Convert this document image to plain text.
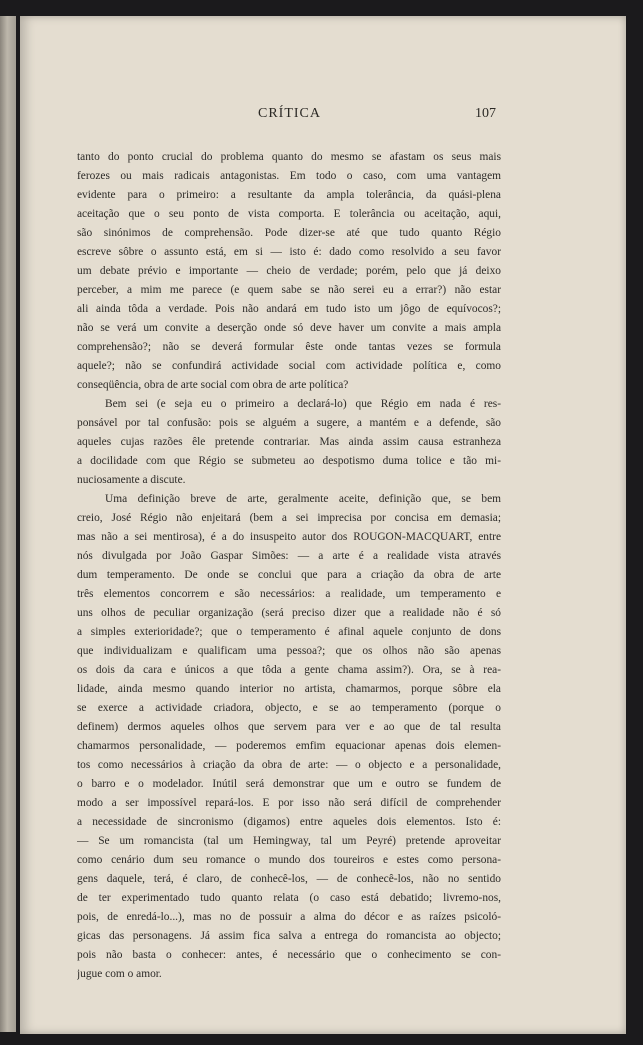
CRÍTICA	107
tanto do ponto crucial do problema quanto do mesmo se afastam os seus mais
ferozes ou mais radicais antagonistas. Em todo o caso, com uma vantagem
evidente para o primeiro: a resultante da ampla tolerância, da quási-plena
aceitação que o seu ponto de vista comporta. E tolerância ou aceitação, aqui,
são sinónimos de comprehensão. Pode dizer-se até que tudo quanto Régio
escreve sôbre o assunto está, em si — isto é: dado como resolvido a seu favor
um debate prévio e importante — cheio de verdade; porém, pelo que já deixo
perceber, a mim me parece (e quem sabe se não serei eu a errar?) não estar
ali ainda tôda a verdade. Pois não andará em tudo isto um jôgo de equívocos?;
não se verá um convite a deserção onde só deve haver um convite a mais ampla
comprehensão?; não se deverá formular êste onde tantas vezes se formula
aquele?; não se confundirá actividade social com actividade política e, como
conseqüência, obra de arte social com obra de arte política?
Bem sei (e seja eu o primeiro a declará-lo) que Régio em nada é res-
ponsável por tal confusão: pois se alguém a sugere, a mantém e a defende, são
aqueles cujas razões êle pretende contrariar. Mas ainda assim causa estranheza
a docilidade com que Régio se submeteu ao despotismo duma tolice e tão mi-
nuciosamente a discute.
Uma definição breve de arte, geralmente aceite, definição que, se bem
creio, José Régio não enjeitará (bem a sei imprecisa por concisa em demasia;
mas não a sei mentirosa), é a do insuspeito autor dos ROUGON-MACQUART, entre
nós divulgada por João Gaspar Simões: — a arte é a realidade vista através
dum temperamento. De onde se conclui que para a criação da obra de arte
três elementos concorrem e são necessários: a realidade, um temperamento e
uns olhos de peculiar organização (será preciso dizer que a realidade não é só
a simples exterioridade?; que o temperamento é afinal aquele conjunto de dons
que individualizam e qualificam uma pessoa?; que os olhos não são apenas
os dois da cara e únicos a que tôda a gente chama assim?). Ora, se à rea-
lidade, ainda mesmo quando interior no artista, chamarmos, porque sôbre ela
se exerce a actividade criadora, objecto, e se ao temperamento (porque o
definem) dermos aqueles olhos que servem para ver e ao que de tal resulta
chamarmos personalidade, — poderemos emfim equacionar apenas dois elemen-
tos como necessários à criação da obra de arte: — o objecto e a personalidade,
o barro e o modelador. Inútil será demonstrar que um e outro se fundem de
modo a ser impossível repará-los. E por isso não será difícil de comprehender
a necessidade de sincronismo (digamos) entre aqueles dois elementos. Isto é:
— Se um romancista (tal um Hemingway, tal um Peyré) pretende aproveitar
como cenário dum seu romance o mundo dos toureiros e estes como persona-
gens daquele, terá, é claro, de conhecê-los, — de conhecê-los, não no sentido
de ter experimentado tudo quanto relata (o caso está debatido; livremo-nos,
pois, de enredá-lo...), mas no de possuir a alma do décor e as raízes psicoló-
gicas das personagens. Já assim fica salva a entrega do romancista ao objecto;
pois não basta o conhecer: antes, é necessário que o conhecimento se con-
jugue com o amor.
